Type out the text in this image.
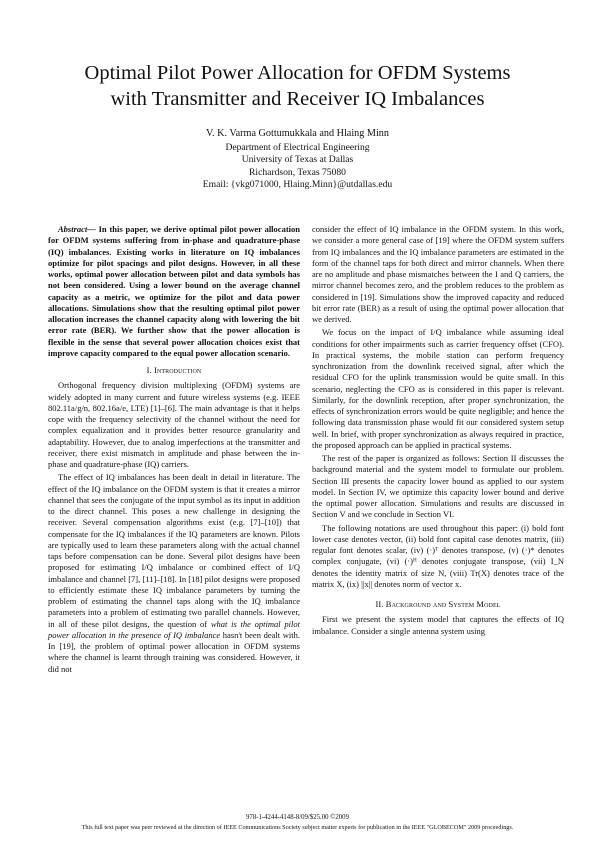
Optimal Pilot Power Allocation for OFDM Systems
with Transmitter and Receiver IQ Imbalances
V. K. Varma Gottumukkala and Hlaing Minn
Department of Electrical Engineering
University of Texas at Dallas
Richardson, Texas 75080
Email: {vkg071000, Hlaing.Minn}@utdallas.edu

Abstract— In this paper, we derive optimal pilot power allocation for OFDM systems suffering from in-phase and quadrature-phase (IQ) imbalances. Existing works in literature on IQ imbalances optimize for pilot spacings and pilot designs. However, in all these works, optimal power allocation between pilot and data symbols has not been considered. Using a lower bound on the average channel capacity as a metric, we optimize for the pilot and data power allocations. Simulations show that the resulting optimal pilot power allocation increases the channel capacity along with lowering the bit error rate (BER). We further show that the power allocation is flexible in the sense that several power allocation choices exist that improve capacity compared to the equal power allocation scenario.

I. Introduction

Orthogonal frequency division multiplexing (OFDM) systems are widely adopted in many current and future wireless systems (e.g. IEEE 802.11a/g/n, 802.16a/e, LTE) [1]–[6]. The main advantage is that it helps cope with the frequency selectivity of the channel without the need for complex equalization and it provides better resource granularity and adaptability. However, due to analog imperfections at the transmitter and receiver, there exist mismatch in amplitude and phase between the in-phase and quadrature-phase (IQ) carriers.

The effect of IQ imbalances has been dealt in detail in literature. The effect of the IQ imbalance on the OFDM system is that it creates a mirror channel that sees the conjugate of the input symbol as its input in addition to the direct channel. This poses a new challenge in designing the receiver. Several compensation algorithms exist (e.g. [7]–[10]) that compensate for the IQ imbalances if the IQ parameters are known. Pilots are typically used to learn these parameters along with the actual channel taps before compensation can be done. Several pilot designs have been proposed for estimating I/Q imbalance or combined effect of I/Q imbalance and channel [7], [11]–[18]. In [18] pilot designs were proposed to efficiently estimate these IQ imbalance parameters by turning the problem of estimating the channel taps along with the IQ imbalance parameters into a problem of estimating two parallel channels. However, in all of these pilot designs, the question of what is the optimal pilot power allocation in the presence of IQ imbalance hasn't been dealt with. In [19], the problem of optimal power allocation in OFDM systems where the channel is learnt through training was considered. However, it did not

consider the effect of IQ imbalance in the OFDM system. In this work, we consider a more general case of [19] where the OFDM system suffers from IQ imbalances and the IQ imbalance parameters are estimated in the form of the channel taps for both direct and mirror channels. When there are no amplitude and phase mismatches between the I and Q carriers, the mirror channel becomes zero, and the problem reduces to the problem as considered in [19]. Simulations show the improved capacity and reduced bit error rate (BER) as a result of using the optimal power allocation that we derived.

We focus on the impact of I/Q imbalance while assuming ideal conditions for other impairments such as carrier frequency offset (CFO). In practical systems, the mobile station can perform frequency synchronization from the downlink received signal, after which the residual CFO for the uplink transmission would be quite small. In this scenario, neglecting the CFO as is considered in this paper is relevant. Similarly, for the downlink reception, after proper synchronization, the effects of synchronization errors would be quite negligible; and hence the following data transmission phase would fit our considered system setup well. In brief, with proper synchronization as always required in practice, the proposed approach can be applied in practical systems.

The rest of the paper is organized as follows: Section II discusses the background material and the system model to formulate our problem. Section III presents the capacity lower bound as applied to our system model. In Section IV, we optimize this capacity lower bound and derive the optimal power allocation. Simulations and results are discussed in Section V and we conclude in Section VI.

The following notations are used throughout this paper: (i) bold font lower case denotes vector, (ii) bold font capital case denotes matrix, (iii) regular font denotes scalar, (iv) (·)ᵀ denotes transpose, (v) (·)* denotes complex conjugate, (vi) (·)ᴴ denotes conjugate transpose, (vii) I_N denotes the identity matrix of size N, (viii) Tr(X) denotes trace of the matrix X, (ix) ||x|| denotes norm of vector x.

II. Background and System Model

First we present the system model that captures the effects of IQ imbalance. Consider a single antenna system using

978-1-4244-4148-8/09/$25.00 ©2009
This full text paper was peer reviewed at the direction of IEEE Communications Society subject matter experts for publication in the IEEE "GLOBECOM" 2009 proceedings.
